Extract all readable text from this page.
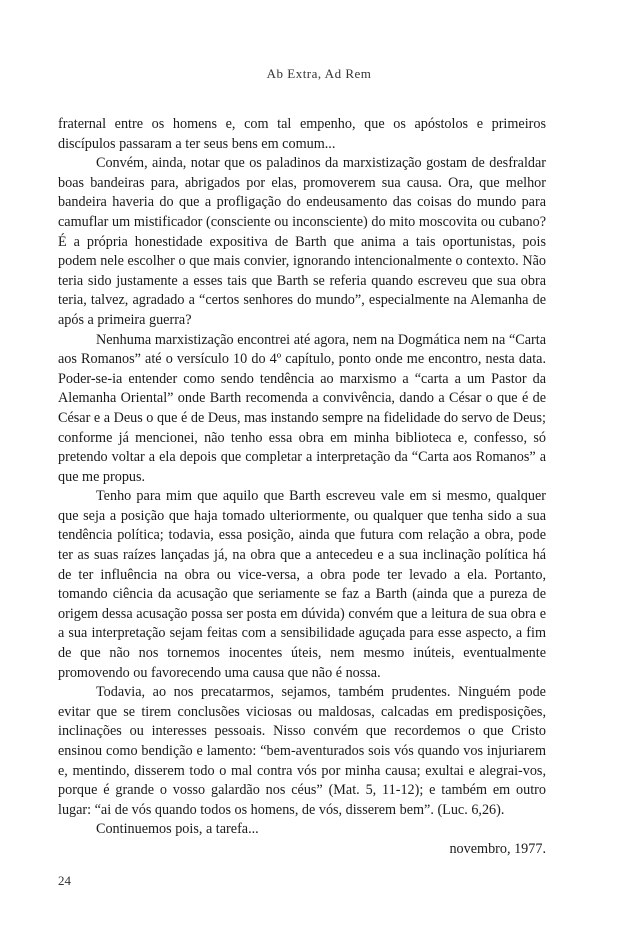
Ab Extra, Ad Rem

fraternal entre os homens e, com tal empenho, que os apóstolos e primeiros discípulos passaram a ter seus bens em comum...

Convém, ainda, notar que os paladinos da marxistização gostam de desfraldar boas bandeiras para, abrigados por elas, promoverem sua causa. Ora, que melhor bandeira haveria do que a profligação do endeusamento das coisas do mundo para camuflar um mistificador (consciente ou inconsciente) do mito moscovita ou cubano? É a própria honestidade expositiva de Barth que anima a tais oportunistas, pois podem nele escolher o que mais convier, ignorando intencionalmente o contexto. Não teria sido justamente a esses tais que Barth se referia quando escreveu que sua obra teria, talvez, agradado a “certos senhores do mundo”, especialmente na Alemanha de após a primeira guerra?

Nenhuma marxistização encontrei até agora, nem na Dogmática nem na “Carta aos Romanos” até o versículo 10 do 4º capítulo, ponto onde me encontro, nesta data. Poder-se-ia entender como sendo tendência ao marxismo a “carta a um Pastor da Alemanha Oriental” onde Barth recomenda a convivência, dando a César o que é de César e a Deus o que é de Deus, mas instando sempre na fidelidade do servo de Deus; conforme já mencionei, não tenho essa obra em minha biblioteca e, confesso, só pretendo voltar a ela depois que completar a interpretação da “Carta aos Romanos” a que me propus.

Tenho para mim que aquilo que Barth escreveu vale em si mesmo, qualquer que seja a posição que haja tomado ulteriormente, ou qualquer que tenha sido a sua tendência política; todavia, essa posição, ainda que futura com relação a obra, pode ter as suas raízes lançadas já, na obra que a antecedeu e a sua inclinação política há de ter influência na obra ou vice-versa, a obra pode ter levado a ela. Portanto, tomando ciência da acusação que seriamente se faz a Barth (ainda que a pureza de origem dessa acusação possa ser posta em dúvida) convém que a leitura de sua obra e a sua interpretação sejam feitas com a sensibilidade aguçada para esse aspecto, a fim de que não nos tornemos inocentes úteis, nem mesmo inúteis, eventualmente promovendo ou favorecendo uma causa que não é nossa.

Todavia, ao nos precatarmos, sejamos, também prudentes. Ninguém pode evitar que se tirem conclusões viciosas ou maldosas, calcadas em predisposições, inclinações ou interesses pessoais. Nisso convém que recordemos o que Cristo ensinou como bendição e lamento: “bem-aventurados sois vós quando vos injuriarem e, mentindo, disserem todo o mal contra vós por minha causa; exultai e alegrai-vos, porque é grande o vosso galardão nos céus” (Mat. 5, 11-12); e também em outro lugar: “ai de vós quando todos os homens, de vós, disserem bem”. (Luc. 6,26).

Continuemos pois, a tarefa...

novembro, 1977.

24
